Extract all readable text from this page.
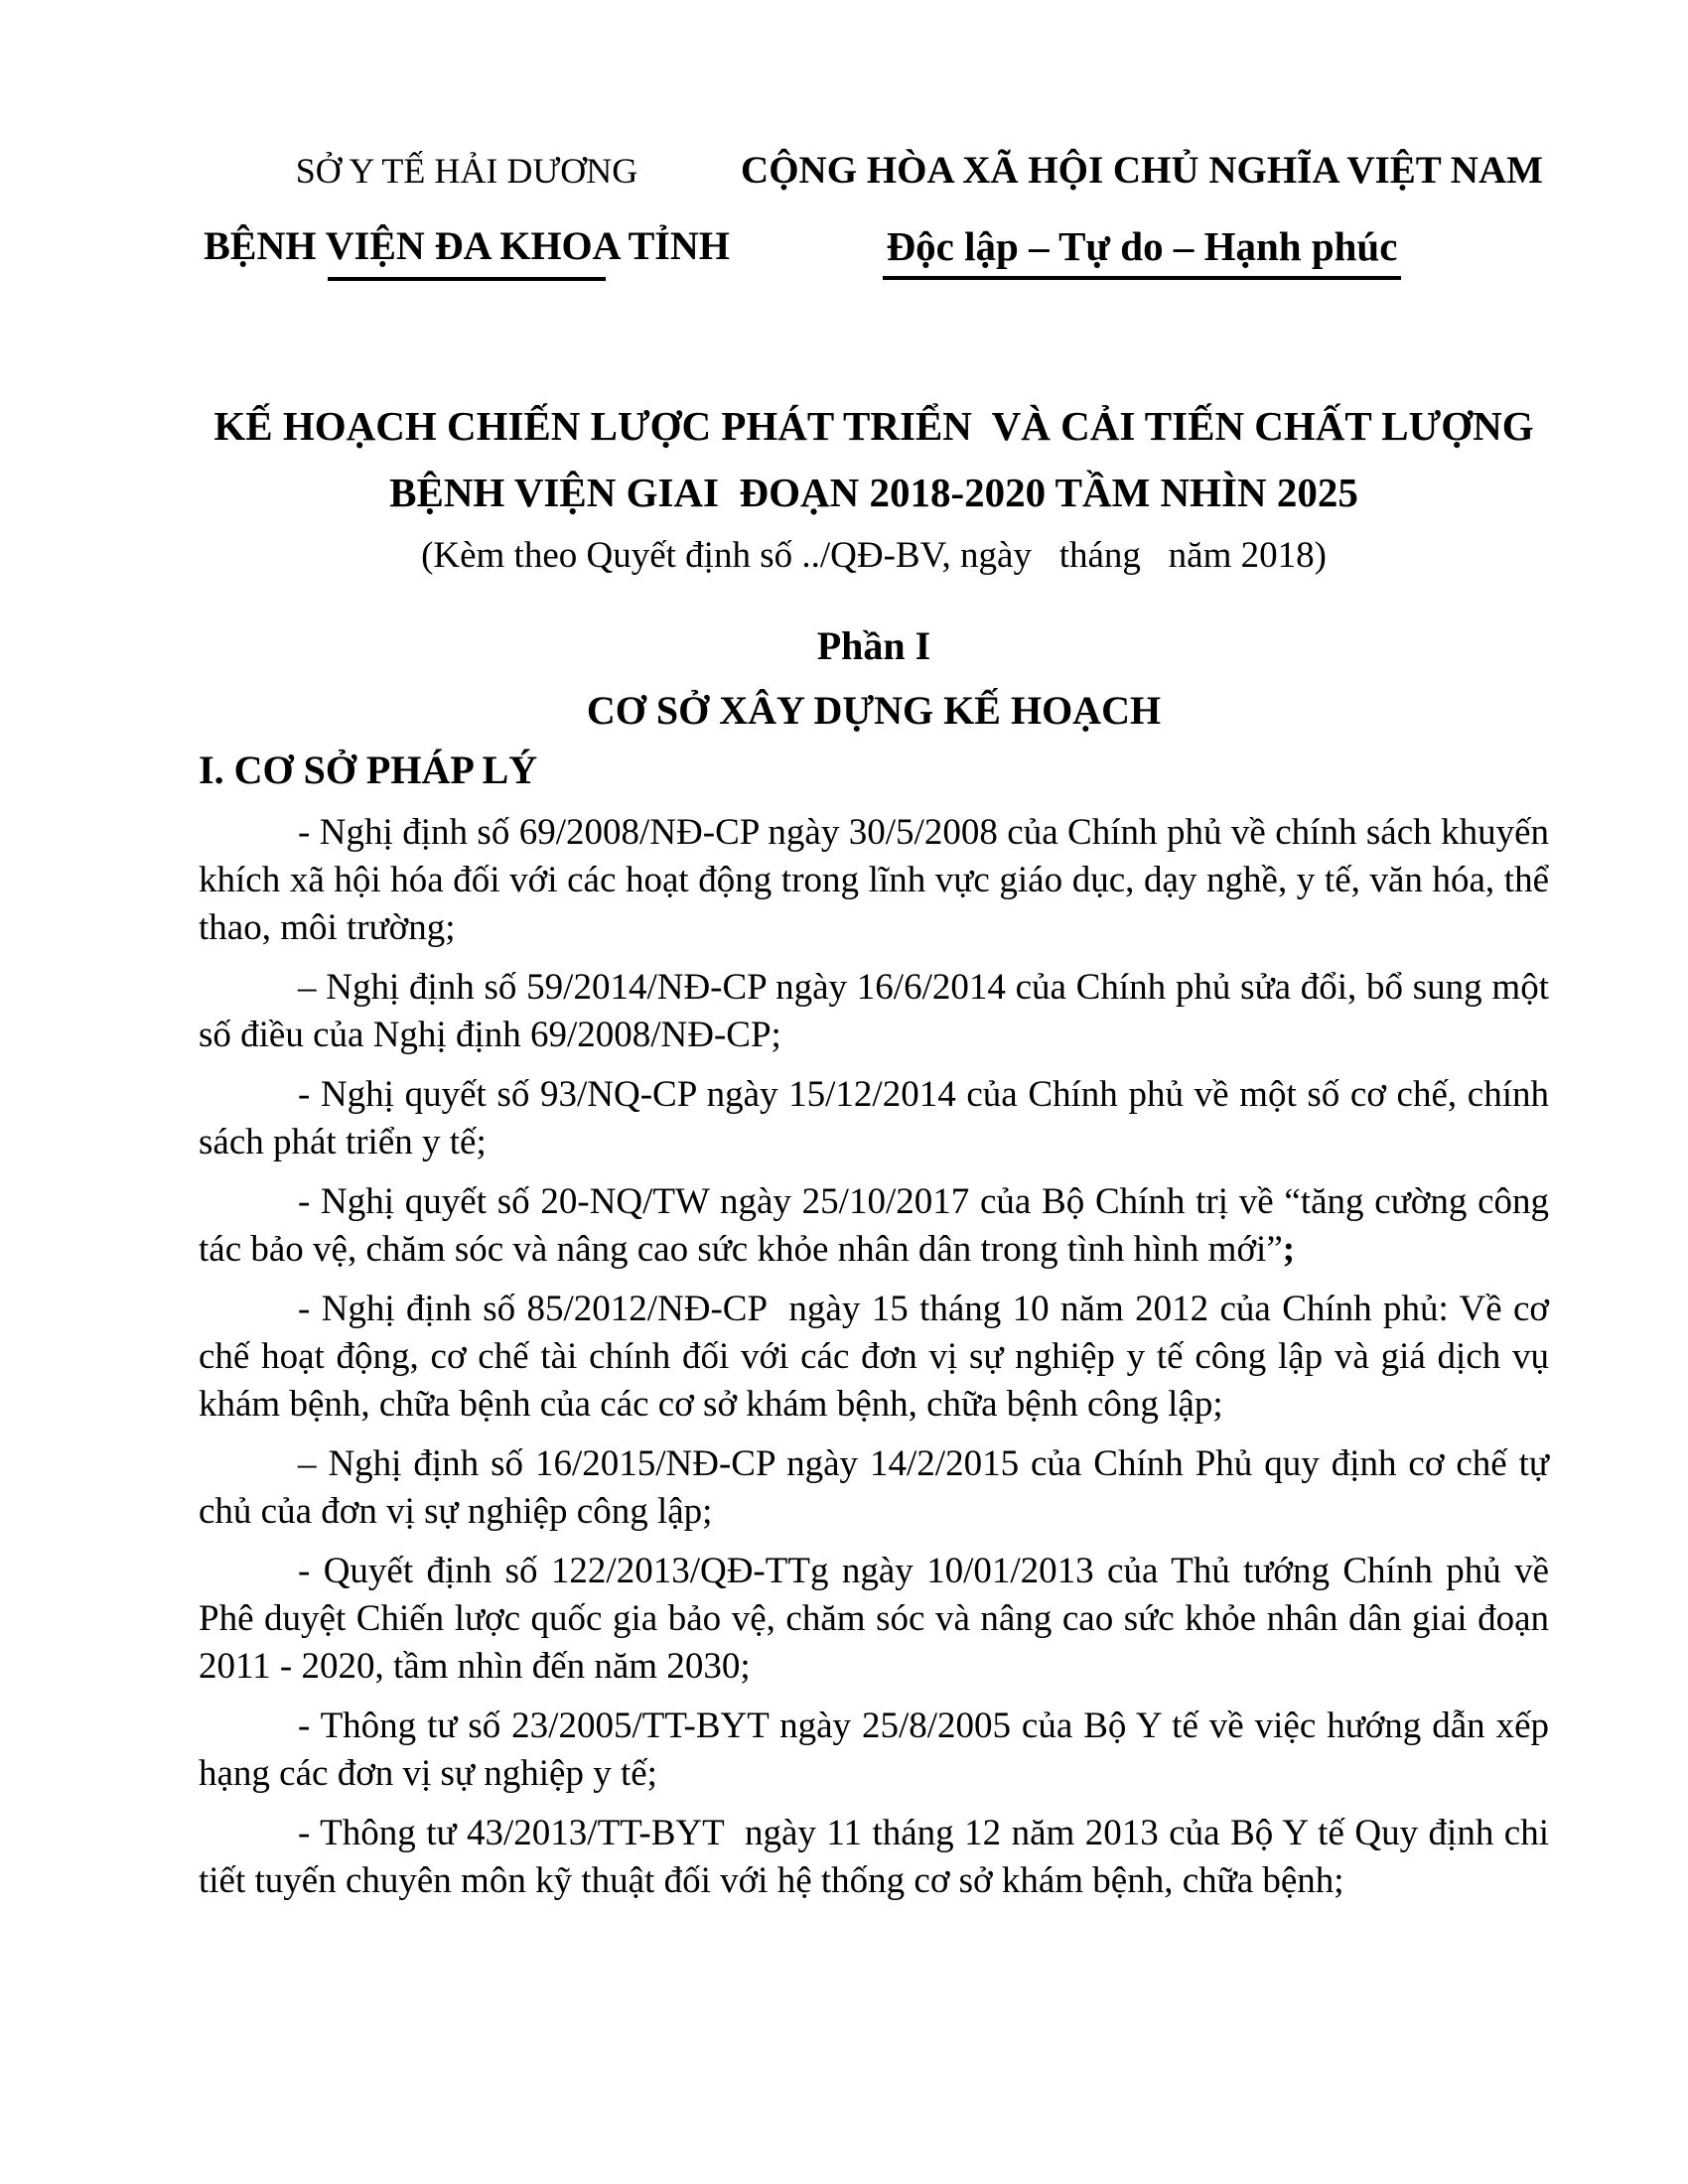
SỞ Y TẾ HẢI DƯƠNG
BỆNH VIỆN ĐA KHOA TỈNH
CỘNG HÒA XÃ HỘI CHỦ NGHĨA VIỆT NAM
Độc lập – Tự do – Hạnh phúc
KẾ HOẠCH CHIẾN LƯỢC PHÁT TRIỂN  VÀ CẢI TIẾN CHẤT LƯỢNG
BỆNH VIỆN GIAI  ĐOẠN 2018-2020 TẦM NHÌN 2025
(Kèm theo Quyết định số ../QĐ-BV, ngày   tháng   năm 2018)
Phần I
CƠ SỞ XÂY DỰNG KẾ HOẠCH
I. CƠ SỞ PHÁP LÝ

- Nghị định số 69/2008/NĐ-CP ngày 30/5/2008 của Chính phủ về chính sách khuyến khích xã hội hóa đối với các hoạt động trong lĩnh vực giáo dục, dạy nghề, y tế, văn hóa, thể thao, môi trường;

– Nghị định số 59/2014/NĐ-CP ngày 16/6/2014 của Chính phủ sửa đổi, bổ sung một số điều của Nghị định 69/2008/NĐ-CP;

- Nghị quyết số 93/NQ-CP ngày 15/12/2014 của Chính phủ về một số cơ chế, chính sách phát triển y tế;

- Nghị quyết số 20-NQ/TW ngày 25/10/2017 của Bộ Chính trị về “tăng cường công tác bảo vệ, chăm sóc và nâng cao sức khỏe nhân dân trong tình hình mới”;

- Nghị định số 85/2012/NĐ-CP  ngày 15 tháng 10 năm 2012 của Chính phủ: Về cơ chế hoạt động, cơ chế tài chính đối với các đơn vị sự nghiệp y tế công lập và giá dịch vụ khám bệnh, chữa bệnh của các cơ sở khám bệnh, chữa bệnh công lập;

– Nghị định số 16/2015/NĐ-CP ngày 14/2/2015 của Chính Phủ quy định cơ chế tự chủ của đơn vị sự nghiệp công lập;

- Quyết định số 122/2013/QĐ-TTg ngày 10/01/2013 của Thủ tướng Chính phủ về Phê duyệt Chiến lược quốc gia bảo vệ, chăm sóc và nâng cao sức khỏe nhân dân giai đoạn 2011 - 2020, tầm nhìn đến năm 2030;

- Thông tư số 23/2005/TT-BYT ngày 25/8/2005 của Bộ Y tế về việc hướng dẫn xếp hạng các đơn vị sự nghiệp y tế;

- Thông tư 43/2013/TT-BYT  ngày 11 tháng 12 năm 2013 của Bộ Y tế Quy định chi tiết tuyến chuyên môn kỹ thuật đối với hệ thống cơ sở khám bệnh, chữa bệnh;
